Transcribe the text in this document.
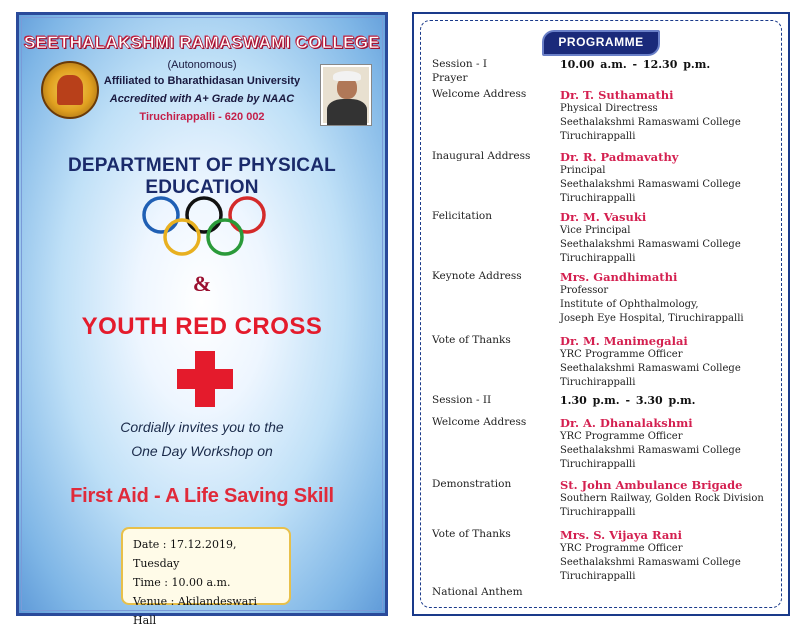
SEETHALAKSHMI RAMASWAMI COLLEGE
(Autonomous)
Affiliated to Bharathidasan University
Accredited with A+ Grade by NAAC
Tiruchirappalli - 620 002
DEPARTMENT OF PHYSICAL EDUCATION
&
YOUTH RED CROSS
Cordially invites you to the
One Day Workshop on
First Aid - A Life Saving Skill
Date : 17.12.2019, Tuesday
Time : 10.00 a.m.
Venue : Akilandeswari Hall
PROGRAMME
Session - I	10.00 a.m. - 12.30 p.m.
Prayer
Welcome Address	Dr. T. Suthamathi
Physical Directress
Seethalakshmi Ramaswami College
Tiruchirappalli
Inaugural Address	Dr. R. Padmavathy
Principal
Seethalakshmi Ramaswami College
Tiruchirappalli
Felicitation	Dr. M. Vasuki
Vice Principal
Seethalakshmi Ramaswami College
Tiruchirappalli
Keynote Address	Mrs. Gandhimathi
Professor
Institute of Ophthalmology,
Joseph Eye Hospital, Tiruchirappalli
Vote of Thanks	Dr. M. Manimegalai
YRC Programme Officer
Seethalakshmi Ramaswami College
Tiruchirappalli
Session - II	1.30 p.m. - 3.30 p.m.
Welcome Address	Dr. A. Dhanalakshmi
YRC Programme Officer
Seethalakshmi Ramaswami College
Tiruchirappalli
Demonstration	St. John Ambulance Brigade
Southern Railway, Golden Rock Division
Tiruchirappalli
Vote of Thanks	Mrs. S. Vijaya Rani
YRC Programme Officer
Seethalakshmi Ramaswami College
Tiruchirappalli
National Anthem
